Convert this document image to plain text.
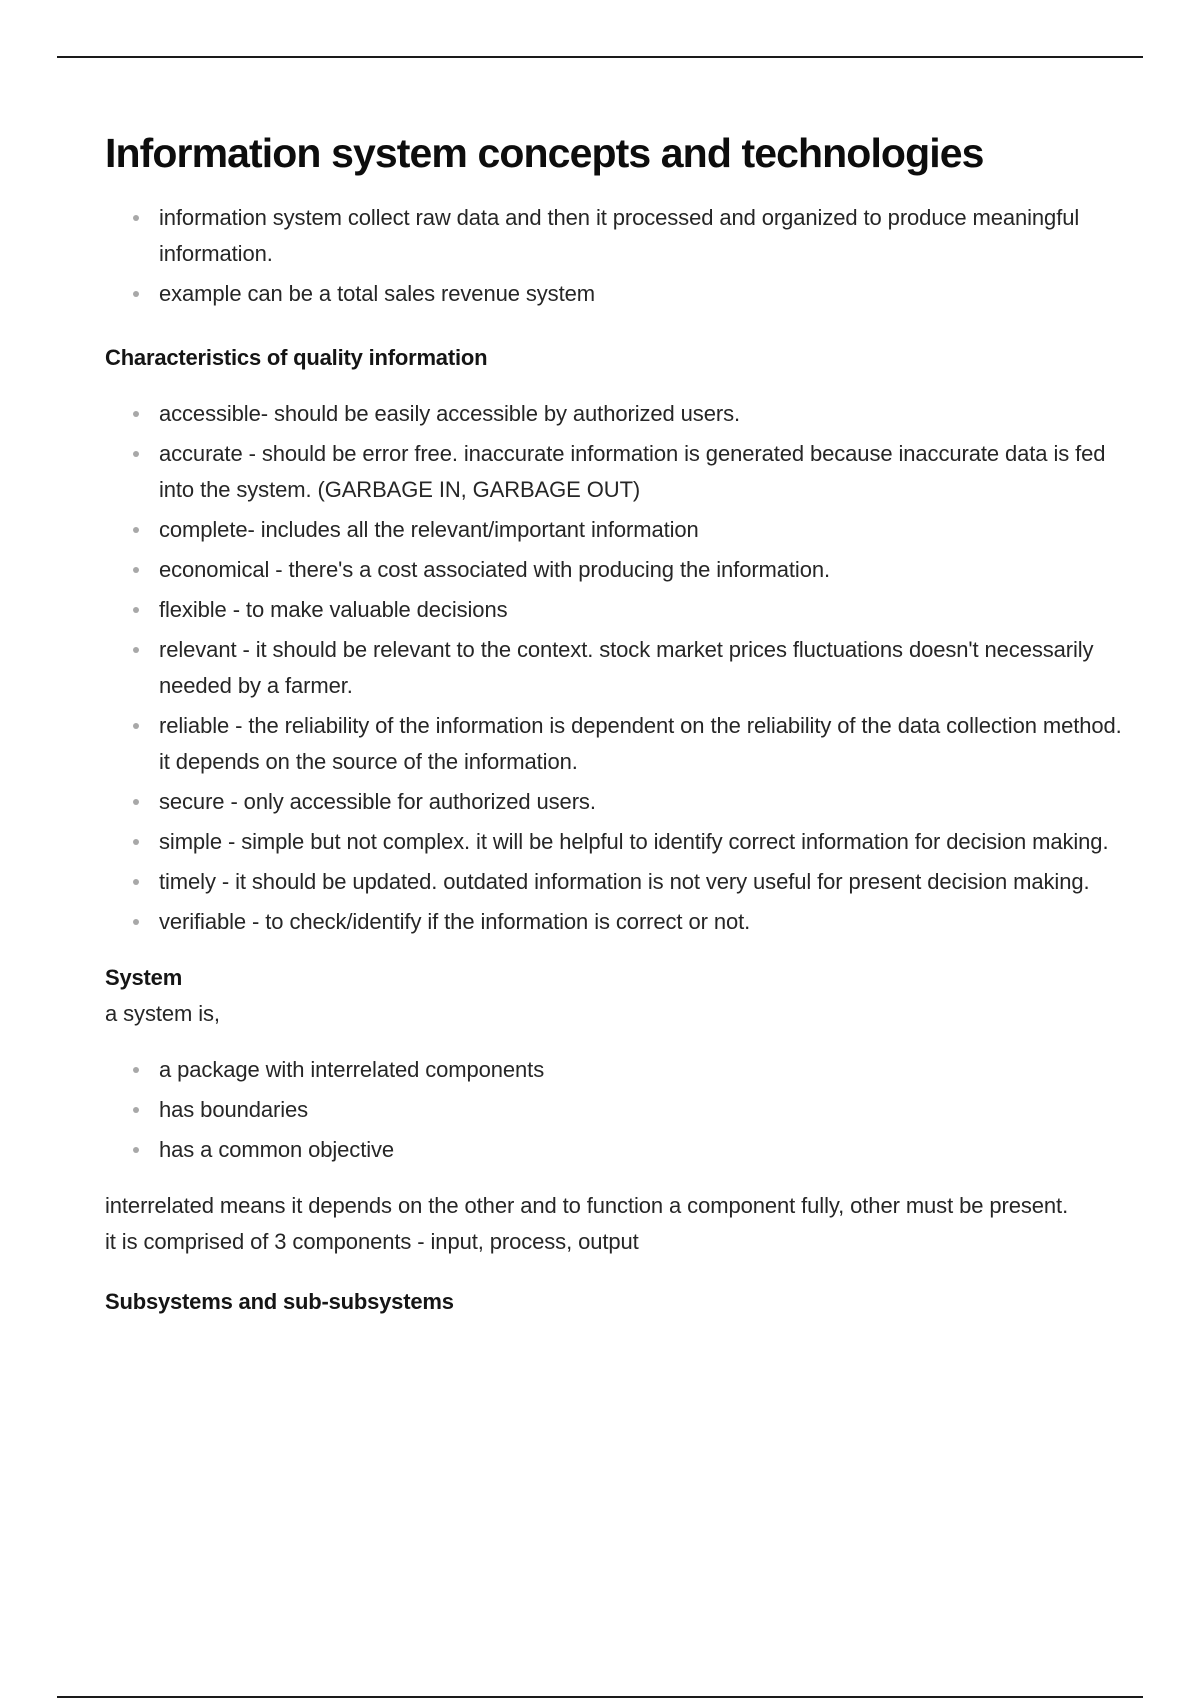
Information system concepts and technologies
information system collect raw data and then it processed and organized to produce meaningful information.
example can be a total sales revenue system
Characteristics of quality information
accessible- should be easily accessible by authorized users.
accurate - should be error free. inaccurate information is generated because inaccurate data is fed into the system. (GARBAGE IN, GARBAGE OUT)
complete- includes all the relevant/important information
economical - there's a cost associated with producing the information.
flexible - to make valuable decisions
relevant - it should be relevant to the context. stock market prices fluctuations doesn't necessarily needed by a farmer.
reliable - the reliability of the information is dependent on the reliability of the data collection method. it depends on the source of the information.
secure - only accessible for authorized users.
simple - simple but not complex. it will be helpful to identify correct information for decision making.
timely - it should be updated. outdated information is not very useful for present decision making.
verifiable - to check/identify if the information is correct or not.
System
a system is,
a package with interrelated components
has boundaries
has a common objective
interrelated means it depends on the other and to function a component fully, other must be present.
it is comprised of 3 components - input, process, output
Subsystems and sub-subsystems
